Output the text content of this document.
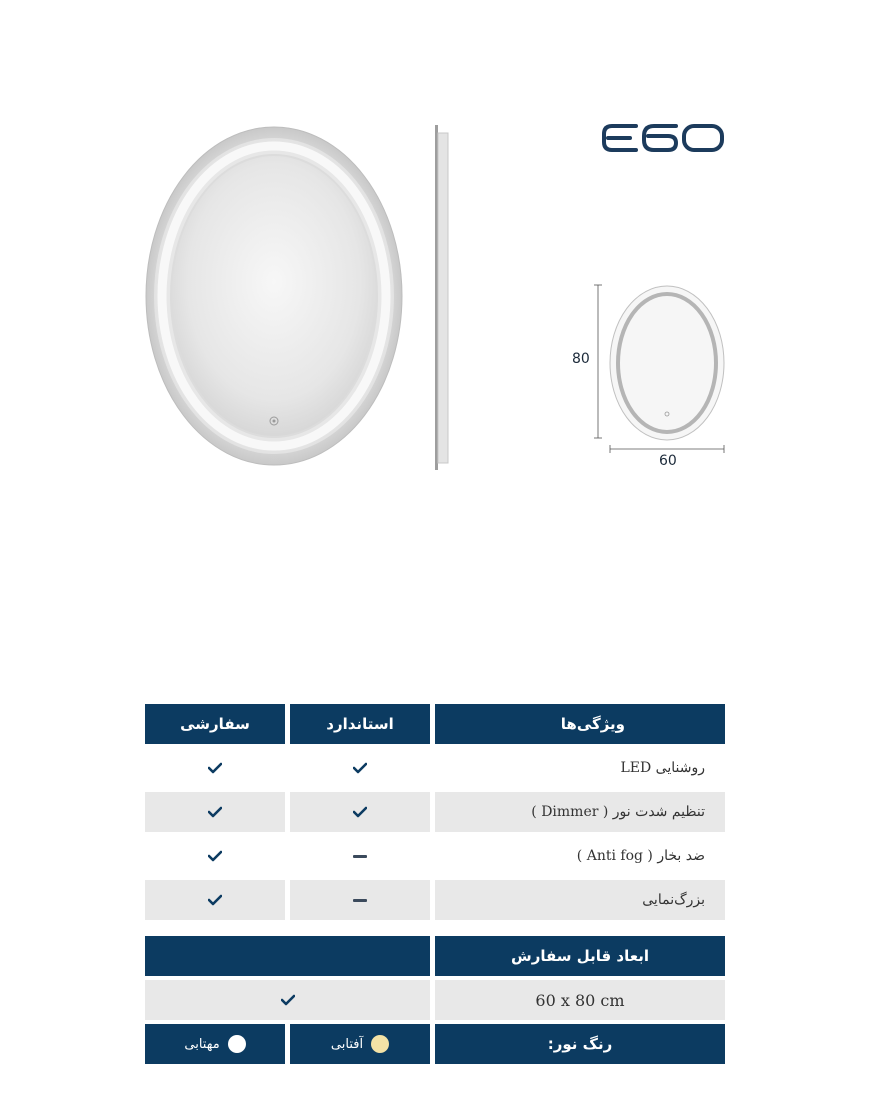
E60
80
60
ویژگی‌ها
استاندارد
سفارشی
روشنایی LED
تنظیم شدت نور ( Dimmer )
ضد بخار ( Anti fog )
بزرگ‌نمایی
ابعاد قابل سفارش
60 x 80 cm
رنگ نور:
آفتابی
مهتابی
